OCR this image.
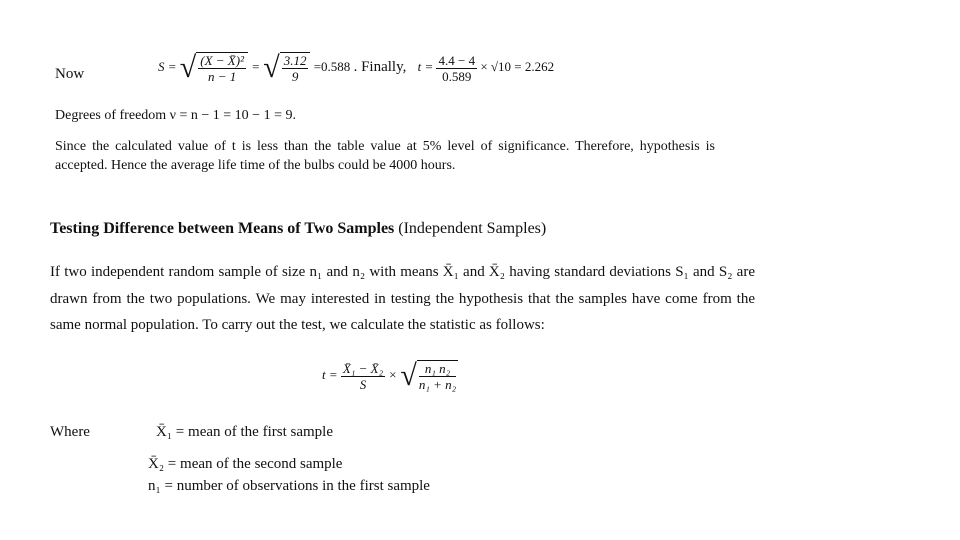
Now	S = √ $\frac{\text{(X − X̄)²}}{n - 1}$ = √ $\frac{3.12}{9} =0.588$ . Finally, $t = \frac{4.4 - 4}{0.589} \times √10 = 2.262$
Degrees of freedom ν = n − 1 = 10 − 1 = 9.

Since the calculated value of t is less than the table value at 5% level of significance. Therefore, hypothesis is accepted. Hence the average life time of the bulbs could be 4000 hours.

Testing Difference between Means of Two Samples (Independent Samples)

If two independent random sample of size n₁ and n₂ with means X̄₁ and X̄₂ having standard deviations S₁ and S₂ are drawn from the two populations. We may interested in testing the hypothesis that the samples have come from the same normal population. To carry out the test, we calculate the statistic as follows:

$t = \frac{\text{X̄₁ − X̄₂}}{S}$ × √ $\frac{\text{n₁ n₂}}{\text{n₁ + n₂}}$
Where	X̄₁ = mean of the first sample
X̄₂ = mean of the second sample
n₁ = number of observations in the first sample
